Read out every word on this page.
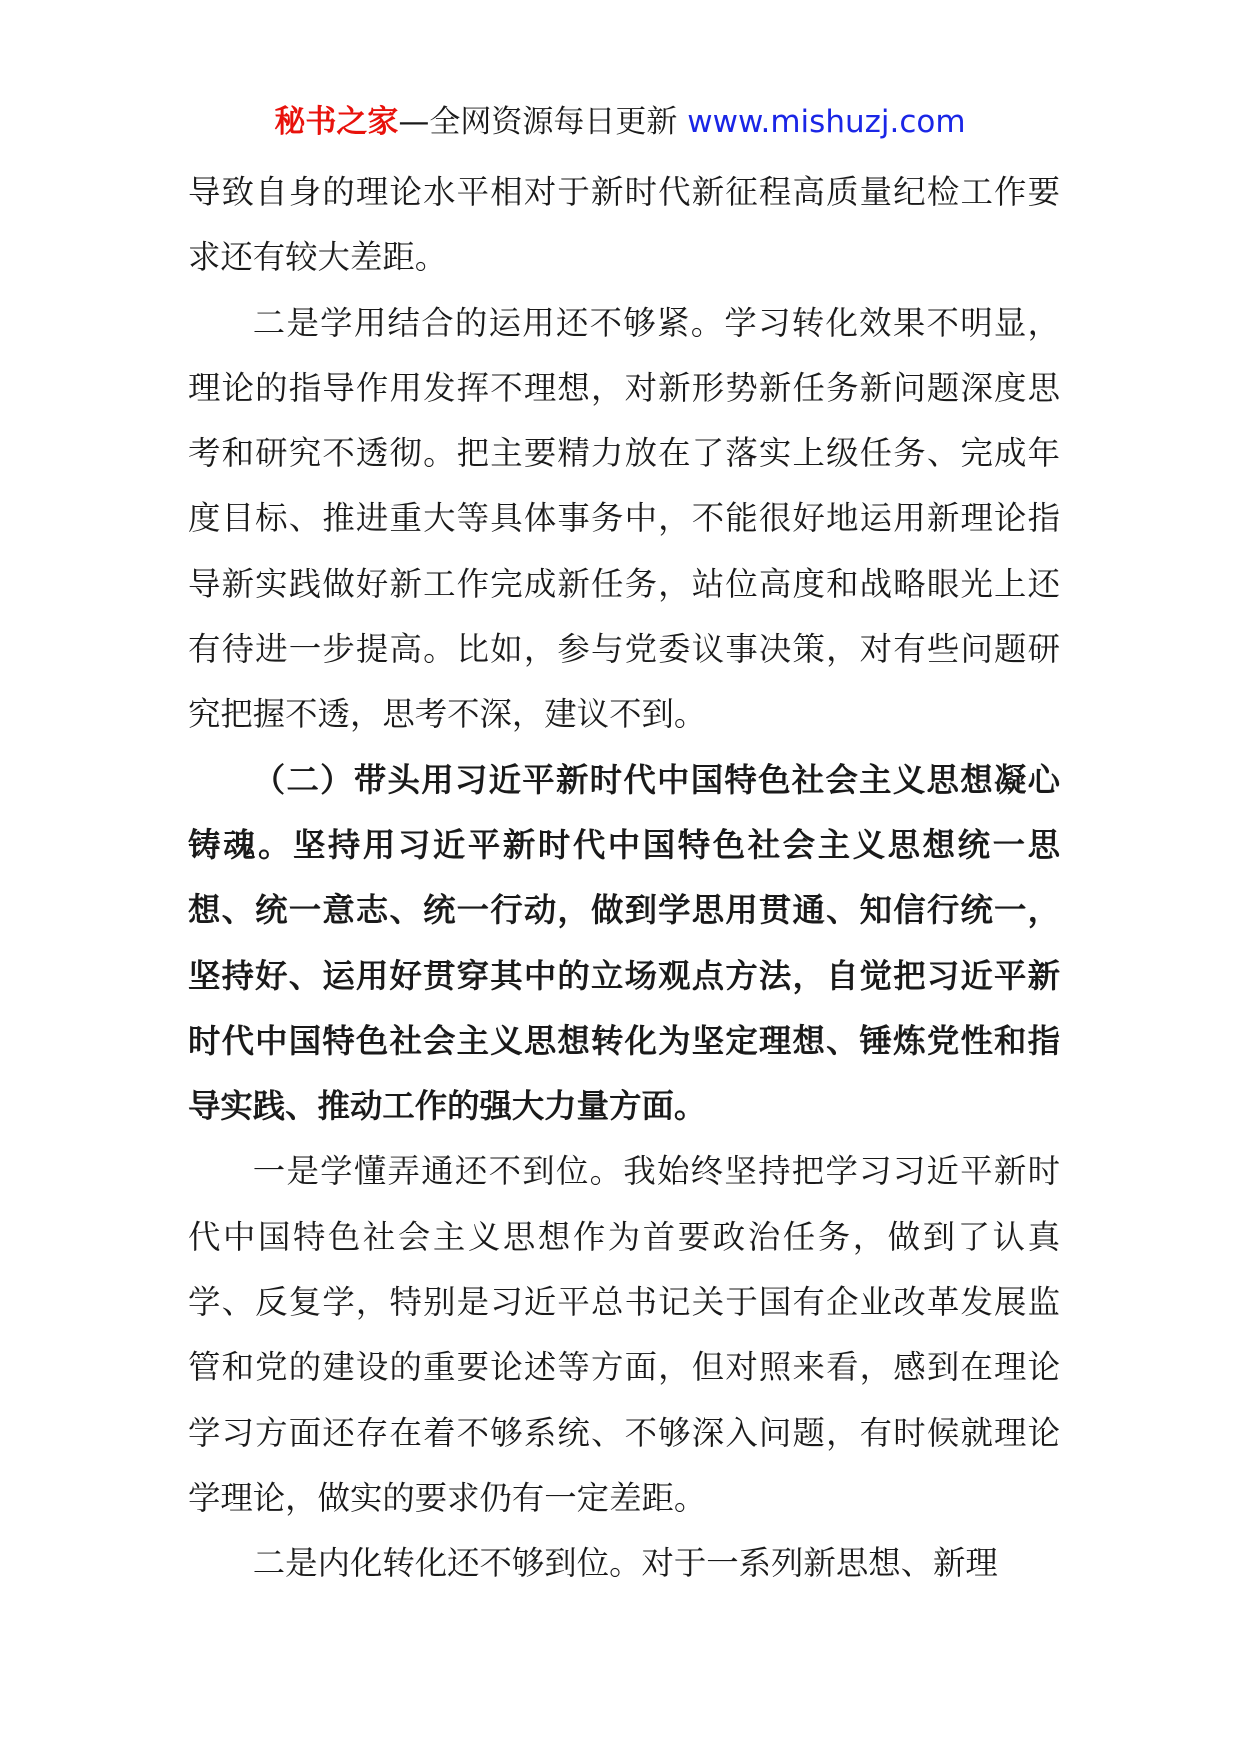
秘书之家—全网资源每日更新 www.mishuzj.com

导致自身的理论水平相对于新时代新征程高质量纪检工作要求还有较大差距。

二是学用结合的运用还不够紧。学习转化效果不明显，理论的指导作用发挥不理想，对新形势新任务新问题深度思考和研究不透彻。把主要精力放在了落实上级任务、完成年度目标、推进重大等具体事务中，不能很好地运用新理论指导新实践做好新工作完成新任务，站位高度和战略眼光上还有待进一步提高。比如，参与党委议事决策，对有些问题研究把握不透，思考不深，建议不到。

（二）带头用习近平新时代中国特色社会主义思想凝心铸魂。坚持用习近平新时代中国特色社会主义思想统一思想、统一意志、统一行动，做到学思用贯通、知信行统一，坚持好、运用好贯穿其中的立场观点方法，自觉把习近平新时代中国特色社会主义思想转化为坚定理想、锤炼党性和指导实践、推动工作的强大力量方面。

一是学懂弄通还不到位。我始终坚持把学习习近平新时代中国特色社会主义思想作为首要政治任务，做到了认真学、反复学，特别是习近平总书记关于国有企业改革发展监管和党的建设的重要论述等方面，但对照来看，感到在理论学习方面还存在着不够系统、不够深入问题，有时候就理论学理论，做实的要求仍有一定差距。

二是内化转化还不够到位。对于一系列新思想、新理
